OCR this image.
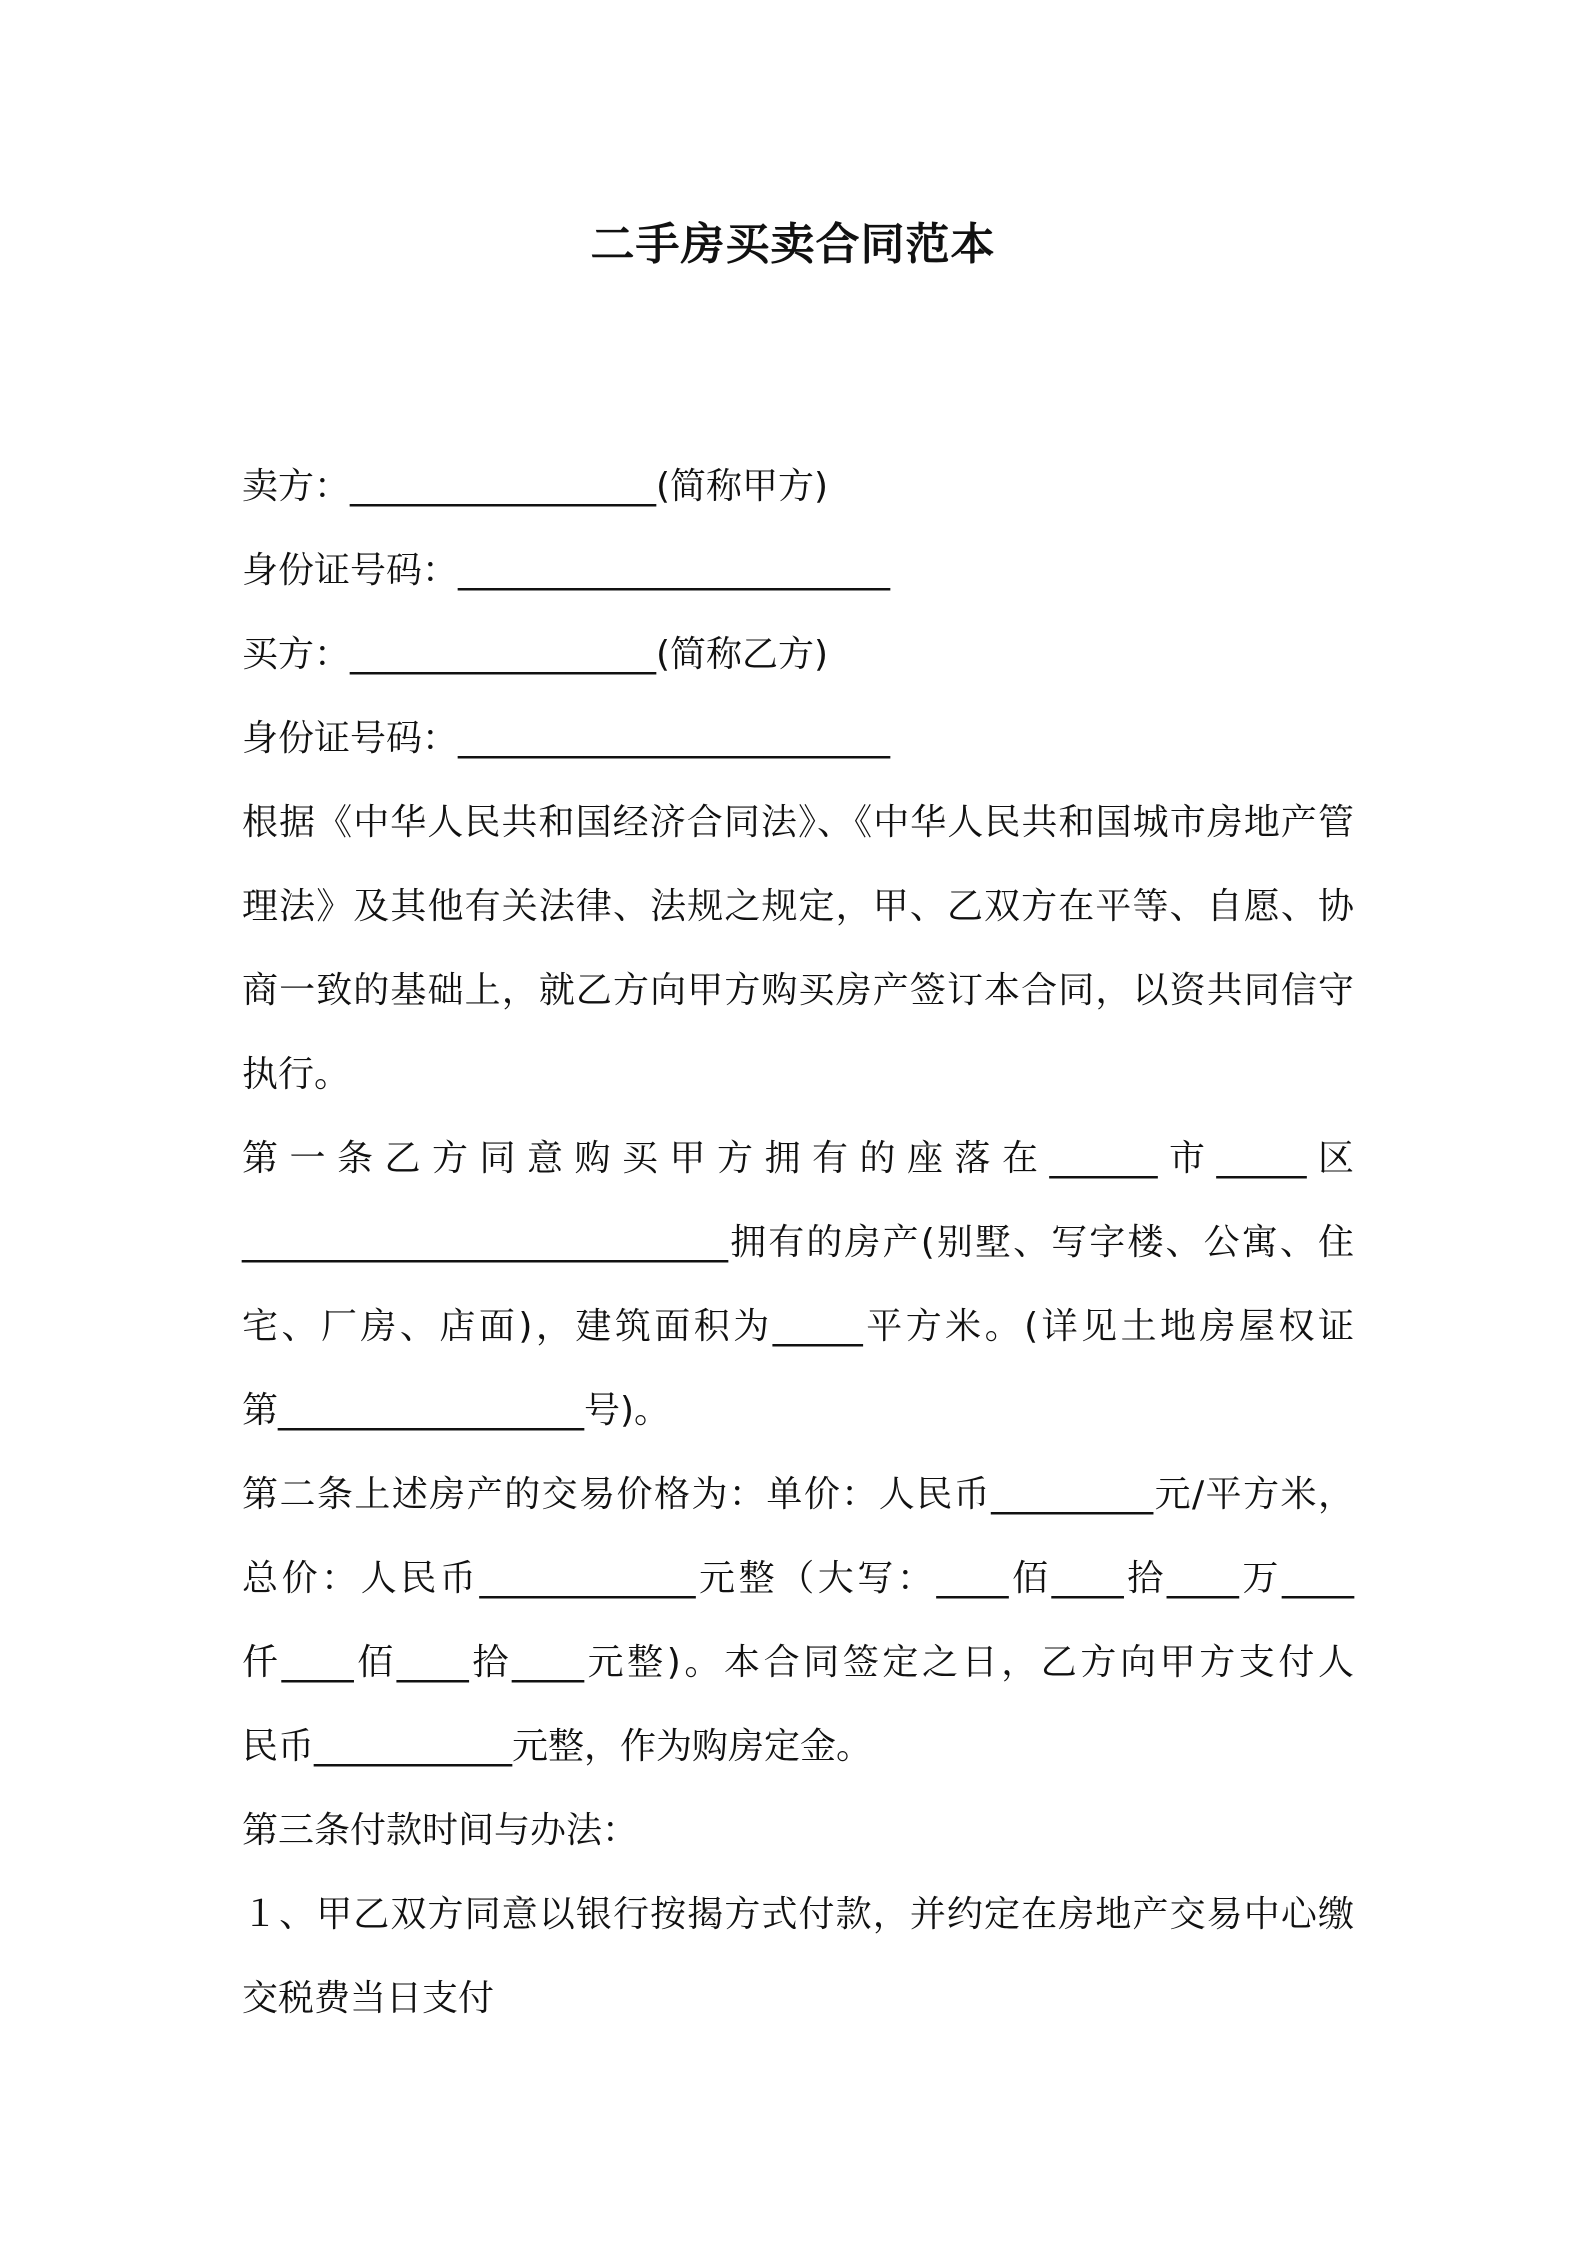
二手房买卖合同范本
卖方：_________________(简称甲方)
身份证号码：________________________
买方：_________________(简称乙方)
身份证号码：________________________
根据《中华人民共和国经济合同法》、《中华人民共和国城市房地产管
理法》及其他有关法律、法规之规定，甲、乙双方在平等、自愿、协
商一致的基础上，就乙方向甲方购买房产签订本合同，以资共同信守
执行。
第一条乙方同意购买甲方拥有的座落在______市_____区
___________________________拥有的房产(别墅、写字楼、公寓、住
宅、厂房、店面)，建筑面积为_____平方米。(详见土地房屋权证
第_________________号)。
第二条上述房产的交易价格为：单价：人民币_________元/平方米，
总价：人民币____________元整（大写：____佰____拾____万____
仟____佰____拾____元整)。本合同签定之日，乙方向甲方支付人
民币___________元整，作为购房定金。
第三条付款时间与办法：
１、甲乙双方同意以银行按揭方式付款，并约定在房地产交易中心缴
交税费当日支付
